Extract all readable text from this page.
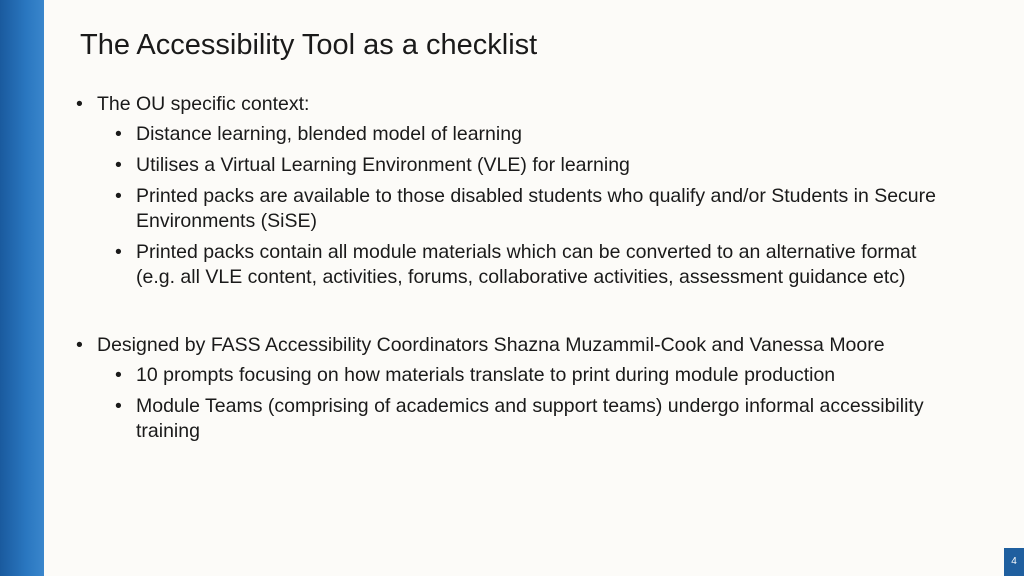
The Accessibility Tool as a checklist
• The OU specific context:
• Distance learning, blended model of learning
• Utilises a Virtual Learning Environment (VLE) for learning
• Printed packs are available to those disabled students who qualify and/or Students in Secure Environments (SiSE)
• Printed packs contain all module materials which can be converted to an alternative format (e.g. all VLE content, activities, forums, collaborative activities, assessment guidance etc)
• Designed by FASS Accessibility Coordinators Shazna Muzammil-Cook and Vanessa Moore
• 10 prompts focusing on how materials translate to print during module production
• Module Teams (comprising of academics and support teams) undergo informal accessibility training
4
